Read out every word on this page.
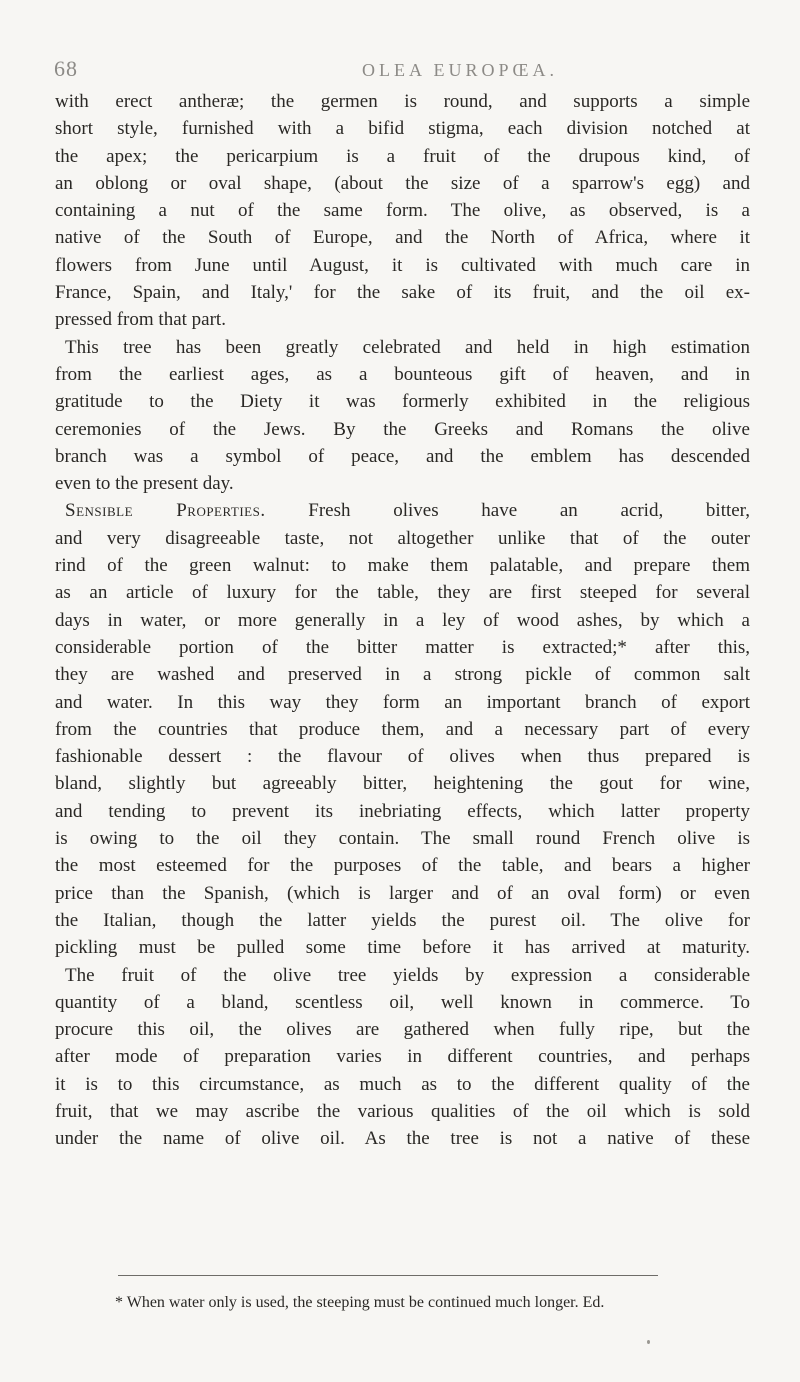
68	OLEA EUROPŒA.
with erect antheræ; the germen is round, and supports a simple
short style, furnished with a bifid stigma, each division notched at
the apex; the pericarpium is a fruit of the drupous kind, of
an oblong or oval shape, (about the size of a sparrow's egg) and
containing a nut of the same form. The olive, as observed, is a
native of the South of Europe, and the North of Africa, where it
flowers from June until August, it is cultivated with much care in
France, Spain, and Italy,' for the sake of its fruit, and the oil ex-
pressed from that part.
This tree has been greatly celebrated and held in high estimation
from the earliest ages, as a bounteous gift of heaven, and in
gratitude to the Diety it was formerly exhibited in the religious
ceremonies of the Jews. By the Greeks and Romans the olive
branch was a symbol of peace, and the emblem has descended
even to the present day.
Sensible Properties. Fresh olives have an acrid, bitter,
and very disagreeable taste, not altogether unlike that of the outer
rind of the green walnut: to make them palatable, and prepare them
as an article of luxury for the table, they are first steeped for several
days in water, or more generally in a ley of wood ashes, by which a
considerable portion of the bitter matter is extracted;* after this,
they are washed and preserved in a strong pickle of common salt
and water. In this way they form an important branch of export
from the countries that produce them, and a necessary part of every
fashionable dessert : the flavour of olives when thus prepared is
bland, slightly but agreeably bitter, heightening the gout for wine,
and tending to prevent its inebriating effects, which latter property
is owing to the oil they contain. The small round French olive is
the most esteemed for the purposes of the table, and bears a higher
price than the Spanish, (which is larger and of an oval form) or even
the Italian, though the latter yields the purest oil. The olive for
pickling must be pulled some time before it has arrived at maturity.
The fruit of the olive tree yields by expression a considerable
quantity of a bland, scentless oil, well known in commerce. To
procure this oil, the olives are gathered when fully ripe, but the
after mode of preparation varies in different countries, and perhaps
it is to this circumstance, as much as to the different quality of the
fruit, that we may ascribe the various qualities of the oil which is sold
under the name of olive oil. As the tree is not a native of these
* When water only is used, the steeping must be continued much longer. Ed.
